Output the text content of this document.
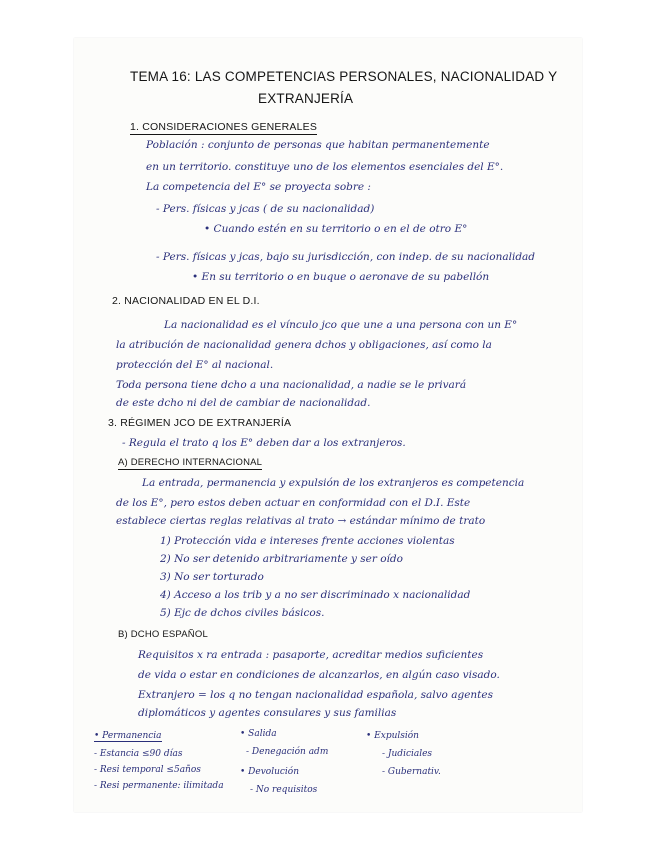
TEMA 16: LAS COMPETENCIAS PERSONALES, NACIONALIDAD Y
EXTRANJERÍA
1. CONSIDERACIONES GENERALES
Población : conjunto de personas que habitan permanentemente
en un territorio. constituye uno de los elementos esenciales del E°.
La competencia del E° se proyecta sobre :
- Pers. físicas y jcas ( de su nacionalidad)
• Cuando estén en su territorio o en el de otro E°
- Pers. físicas y jcas, bajo su jurisdicción, con indep. de su nacionalidad
• En su territorio o en buque o aeronave de su pabellón
2. NACIONALIDAD EN EL D.I.
La nacionalidad es el vínculo jco que une a una persona con un E°
la atribución de nacionalidad genera dchos y obligaciones, así como la
protección del E° al nacional.
Toda persona tiene dcho a una nacionalidad, a nadie se le privará
de este dcho ni del de cambiar de nacionalidad.
3. RÉGIMEN JCO DE EXTRANJERÍA
- Regula el trato q los E° deben dar a los extranjeros.
A) DERECHO INTERNACIONAL
La entrada, permanencia y expulsión de los extranjeros es competencia
de los E°, pero estos deben actuar en conformidad con el D.I. Este
establece ciertas reglas relativas al trato → estándar mínimo de trato
1) Protección vida e intereses frente acciones violentas
2) No ser detenido arbitrariamente y ser oído
3) No ser torturado
4) Acceso a los trib y a no ser discriminado x nacionalidad
5) Ejc de dchos civiles básicos.
B) DCHO ESPAÑOL
Requisitos x ra entrada : pasaporte, acreditar medios suficientes
de vida o estar en condiciones de alcanzarlos, en algún caso visado.
Extranjero = los q no tengan nacionalidad española, salvo agentes
diplomáticos y agentes consulares y sus familias
• Permanencia
- Estancia ≤90 días
- Resi temporal ≤5años
- Resi permanente: ilimitada
• Salida
- Denegación adm
• Devolución
- No requisitos
• Expulsión
- Judiciales
- Gubernativ.
